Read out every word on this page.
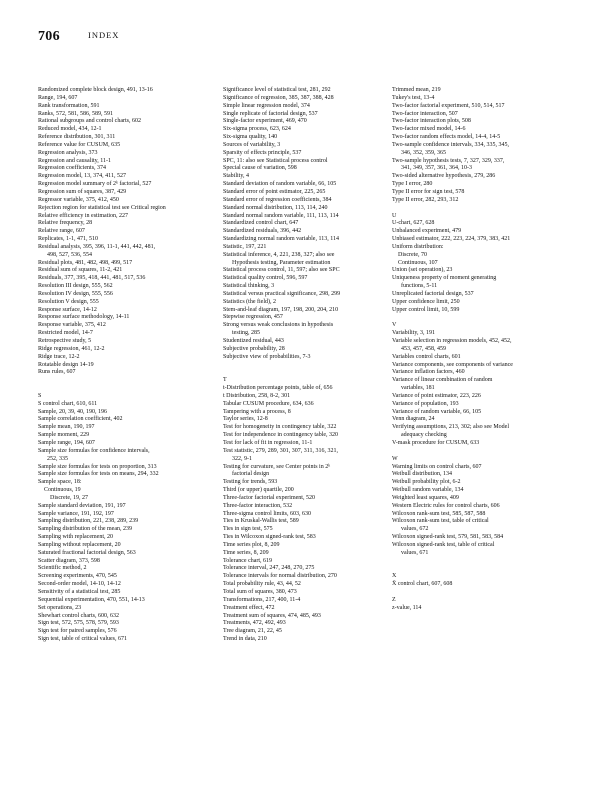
706	INDEX
Randomized complete block design, 491, 13-16
Range, 194, 607
Rank transformation, 591
Ranks, 572, 581, 586, 589, 591
Rational subgroups and control charts, 602
Reduced model, 434, 12-1
Reference distribution, 301, 311
Reference value for CUSUM, 635
Regression analysis, 373
Regression and causality, 11-1
Regression coefficients, 374
Regression model, 13, 374, 411, 527
Regression model summary of 2ᵏ factorial, 527
Regression sum of squares, 387, 429
Regressor variable, 375, 412, 450
Rejection region for statistical test see Critical region
Relative efficiency in estimation, 227
Relative frequency, 28
Relative range, 607
Replicates, 1-1, 471, 510
Residual analysis, 395, 396, 11-1, 441, 442, 481,
498, 527, 536, 554
Residual plots, 481, 482, 498, 499, 517
Residual sum of squares, 11-2, 421
Residuals, 377, 395, 418, 441, 481, 517, 536
Resolution III design, 555, 562
Resolution IV design, 555, 556
Resolution V design, 555
Response surface, 14-12
Response surface methodology, 14-11
Response variable, 375, 412
Restricted model, 14-7
Retrospective study, 5
Ridge regression, 461, 12-2
Ridge trace, 12-2
Rotatable design 14-19
Runs rules, 607
S
S control chart, 610, 611
Sample, 20, 39, 40, 190, 196
Sample correlation coefficient, 402
Sample mean, 190, 197
Sample moment, 229
Sample range, 194, 607
Sample size formulas for confidence intervals,
252, 335
Sample size formulas for tests on proportion, 313
Sample size formulas for tests on means, 294, 332
Sample space, 18:
Continuous, 19
Discrete, 19, 27
Sample standard deviation, 191, 197
Sample variance, 191, 192, 197
Sampling distribution, 221, 238, 289, 239
Sampling distribution of the mean, 239
Sampling with replacement, 20
Sampling without replacement, 20
Saturated fractional factorial design, 563
Scatter diagram, 373, 598
Scientific method, 2
Screening experiments, 470, 545
Second-order model, 14-10, 14-12
Sensitivity of a statistical test, 285
Sequential experimentation, 470, 551, 14-13
Set operations, 23
Shewhart control charts, 600, 632
Sign test, 572, 575, 578, 579, 593
Sign test for paired samples, 576
Sign test, table of critical values, 671
Significance level of statistical test, 281, 292
Significance of regression, 385, 387, 388, 428
Simple linear regression model, 374
Single replicate of factorial design, 537
Single-factor experiment, 469, 470
Six-sigma process, 623, 624
Six-sigma quality, 140
Sources of variability, 3
Sparsity of effects principle, 537
SPC, 11: also see Statistical process control
Special cause of variation, 598
Stability, 4
Standard deviation of random variable, 66, 105
Standard error of point estimator, 225, 265
Standard error of regression coefficients, 384
Standard normal distribution, 113, 114, 240
Standard normal random variable, 111, 113, 114
Standardized control chart, 647
Standardized residuals, 396, 442
Standardizing normal random variable, 113, 114
Statistic, 197, 221
Statistical inference, 4, 221, 238, 327; also see
Hypothesis testing, Parameter estimation
Statistical process control, 11, 597; also see SPC
Statistical quality control, 596, 597
Statistical thinking, 3
Statistical versus practical significance, 298, 299
Statistics (the field), 2
Stem-and-leaf diagram, 197, 198, 200, 204, 210
Stepwise regression, 457
Strong versus weak conclusions in hypothesis
testing, 285
Studentized residual, 443
Subjective probability, 28
Subjective view of probabilities, 7-3
T
t-Distribution percentage points, table of, 656
t Distribution, 258, 8-2, 301
Tabular CUSUM procedure, 634, 636
Tampering with a process, 8
Taylor series, 12-8
Test for homogeneity in contingency table, 322
Test for independence in contingency table, 320
Test for lack of fit in regression, 11-1
Test statistic, 279, 289, 301, 307, 311, 316, 321,
322, 9-1
Testing for curvature, see Center points in 2ᵏ
factorial design
Testing for trends, 593
Third (or upper) quartile, 200
Three-factor factorial experiment, 520
Three-factor interaction, 532
Three-sigma control limits, 603, 630
Ties in Kruskal-Wallis test, 589
Ties in sign test, 575
Ties in Wilcoxon signed-rank test, 583
Time series plot, 8, 209
Time series, 8, 209
Tolerance chart, 619
Tolerance interval, 247, 248, 270, 275
Tolerance intervals for normal distribution, 270
Total probability rule, 43, 44, 52
Total sum of squares, 380, 473
Transformations, 217, 400, 11-4
Treatment effect, 472
Treatment sum of squares, 474, 485, 493
Treatments, 472, 492, 493
Tree diagram, 21, 22, 45
Trend in data, 210
Trimmed mean, 219
Tukey's test, 13-4
Two-factor factorial experiment, 510, 514, 517
Two-factor interaction, 507
Two-factor interaction plots, 508
Two-factor mixed model, 14-6
Two-factor random effects model, 14-4, 14-5
Two-sample confidence intervals, 334, 335, 345,
346, 352, 359, 365
Two-sample hypothesis tests, 7, 327, 329, 337,
341, 349, 357, 361, 364, 10-3
Two-sided alternative hypothesis, 279, 286
Type I error, 280
Type II error for sign test, 578
Type II error, 282, 293, 312
U
U-chart, 627, 628
Unbalanced experiment, 479
Unbiased estimator, 222, 223, 224, 379, 383, 421
Uniform distribution:
Discrete, 70
Continuous, 107
Union (set operation), 23
Uniqueness property of moment generating
functions, 5-11
Unreplicated factorial design, 537
Upper confidence limit, 250
Upper control limit, 10, 599
V
Variability, 3, 191
Variable selection in regression models, 452, 452,
453, 457, 458, 459
Variables control charts, 601
Variance components, see components of variance
Variance inflation factors, 460
Variance of linear combination of random
variables, 181
Variance of point estimator, 223, 226
Variance of population, 193
Variance of random variable, 66, 105
Venn diagram, 24
Verifying assumptions, 213, 302; also see Model
adequacy checking
V-mask procedure for CUSUM, 633
W
Warning limits on control charts, 607
Weibull distribution, 134
Weibull probability plot, 6-2
Weibull random variable, 134
Weighted least squares, 409
Western Electric rules for control charts, 606
Wilcoxon rank-sum test, 585, 587, 588
Wilcoxon rank-sum test, table of critical
values, 672
Wilcoxon signed-rank test, 579, 581, 583, 584
Wilcoxon signed-rank test, table of critical
values, 671
X
X̄ control chart, 607, 608
Z
z-value, 114
